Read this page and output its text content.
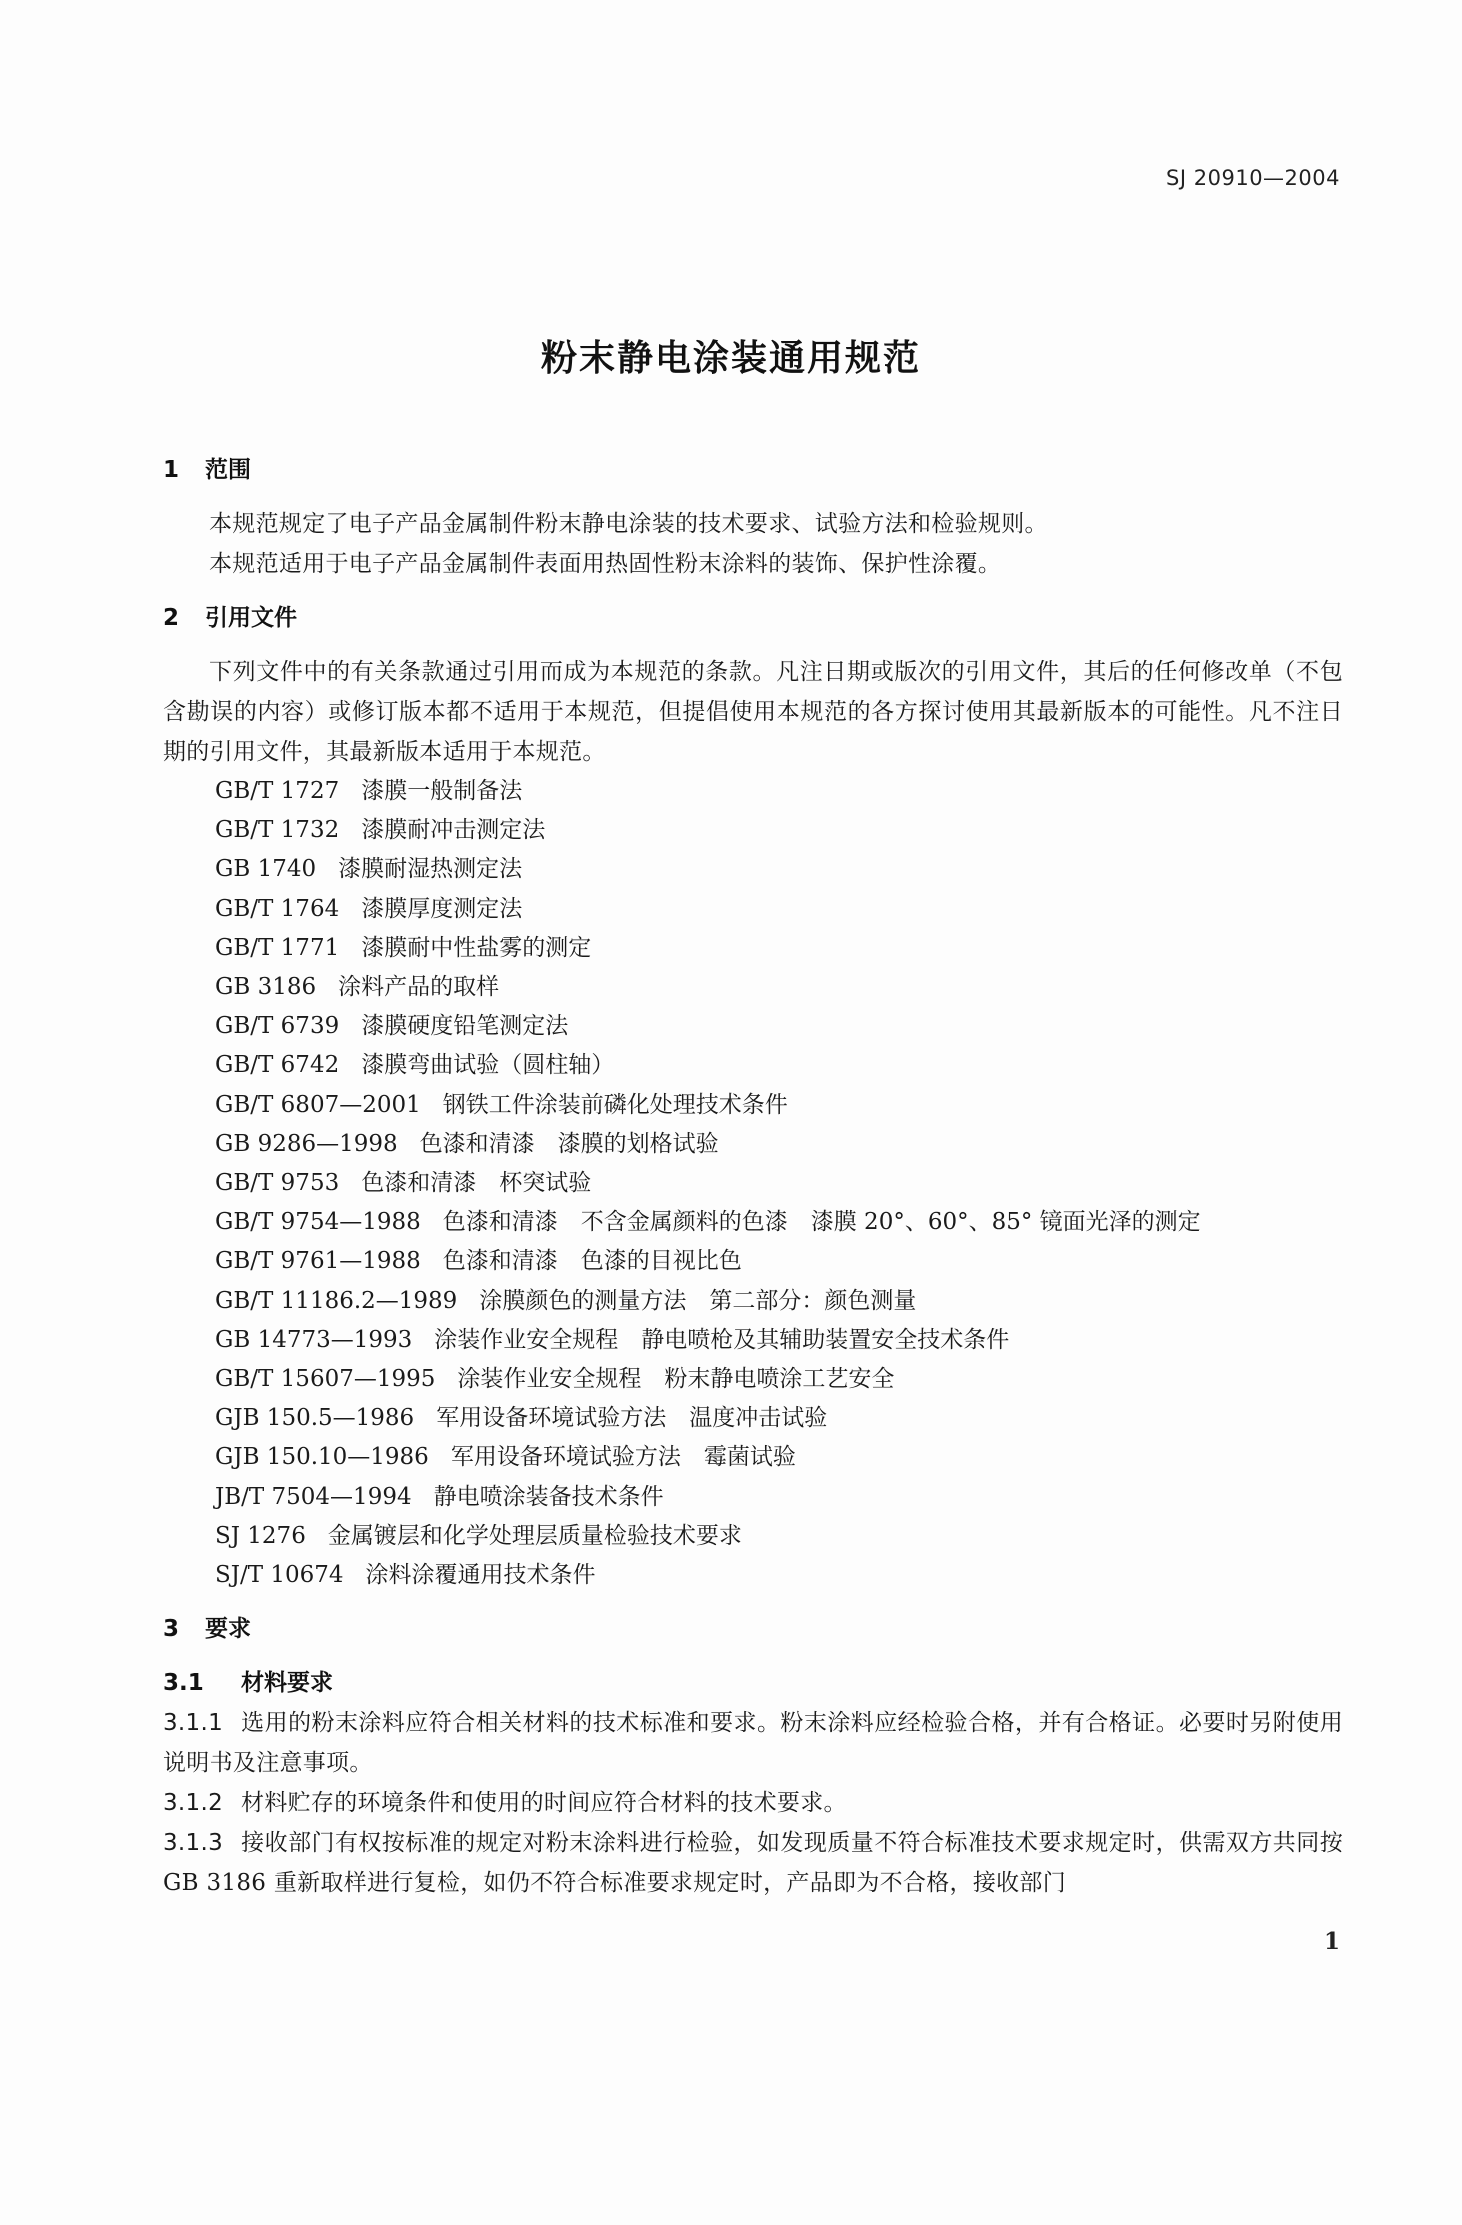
SJ 20910—2004
粉末静电涂装通用规范
1 范围

本规范规定了电子产品金属制件粉末静电涂装的技术要求、试验方法和检验规则。

本规范适用于电子产品金属制件表面用热固性粉末涂料的装饰、保护性涂覆。

2 引用文件

下列文件中的有关条款通过引用而成为本规范的条款。凡注日期或版次的引用文件，其后的任何修改单（不包含勘误的内容）或修订版本都不适用于本规范，但提倡使用本规范的各方探讨使用其最新版本的可能性。凡不注日期的引用文件，其最新版本适用于本规范。

GB/T 1727 漆膜一般制备法
GB/T 1732 漆膜耐冲击测定法
GB 1740 漆膜耐湿热测定法
GB/T 1764 漆膜厚度测定法
GB/T 1771 漆膜耐中性盐雾的测定
GB 3186 涂料产品的取样
GB/T 6739 漆膜硬度铅笔测定法
GB/T 6742 漆膜弯曲试验（圆柱轴）
GB/T 6807—2001 钢铁工件涂装前磷化处理技术条件
GB 9286—1998 色漆和清漆　漆膜的划格试验
GB/T 9753 色漆和清漆　杯突试验
GB/T 9754—1988 色漆和清漆　不含金属颜料的色漆　漆膜 20°、60°、85° 镜面光泽的测定
GB/T 9761—1988 色漆和清漆　色漆的目视比色
GB/T 11186.2—1989 涂膜颜色的测量方法　第二部分：颜色测量
GB 14773—1993 涂装作业安全规程　静电喷枪及其辅助装置安全技术条件
GB/T 15607—1995 涂装作业安全规程　粉末静电喷涂工艺安全
GJB 150.5—1986 军用设备环境试验方法　温度冲击试验
GJB 150.10—1986 军用设备环境试验方法　霉菌试验
JB/T 7504—1994 静电喷涂装备技术条件
SJ 1276 金属镀层和化学处理层质量检验技术要求
SJ/T 10674 涂料涂覆通用技术条件
3 要求
3.1 材料要求

3.1.1 选用的粉末涂料应符合相关材料的技术标准和要求。粉末涂料应经检验合格，并有合格证。必要时另附使用说明书及注意事项。

3.1.2 材料贮存的环境条件和使用的时间应符合材料的技术要求。

3.1.3 接收部门有权按标准的规定对粉末涂料进行检验，如发现质量不符合标准技术要求规定时，供需双方共同按 GB 3186 重新取样进行复检，如仍不符合标准要求规定时，产品即为不合格，接收部门

1
